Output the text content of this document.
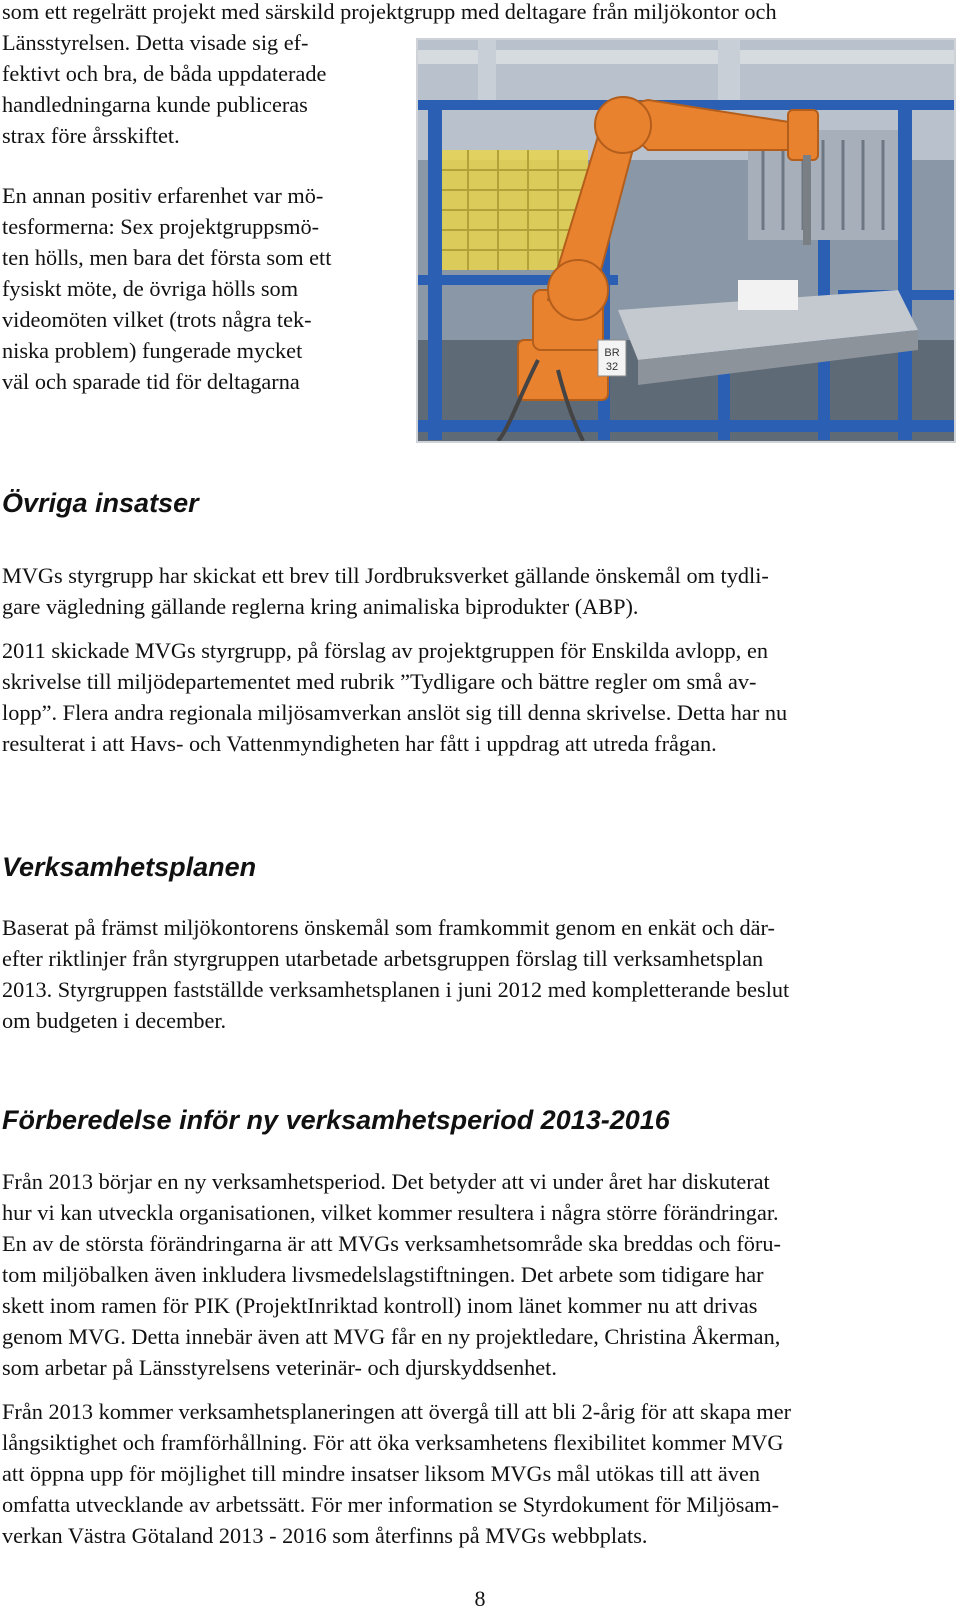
som ett regelrätt projekt med särskild projektgrupp med deltagare från miljökontor och
Länsstyrelsen. Detta visade sig ef-
fektivt och bra, de båda uppdaterade
handledningarna kunde publiceras
strax före årsskiftet.

En annan positiv erfarenhet var mö-
tesformerna: Sex projektgruppsmö-
ten hölls, men bara det första som ett
fysiskt möte, de övriga hölls som
videomöten vilket (trots några tek-
niska problem) fungerade mycket
väl och sparade tid för deltagarna

BR
32
Övriga insatser

MVGs styrgrupp har skickat ett brev till Jordbruksverket gällande önskemål om tydli-
gare vägledning gällande reglerna kring animaliska biprodukter (ABP).

2011 skickade MVGs styrgrupp, på förslag av projektgruppen för Enskilda avlopp, en
skrivelse till miljödepartementet med rubrik ”Tydligare och bättre regler om små av-
lopp”. Flera andra regionala miljösamverkan anslöt sig till denna skrivelse. Detta har nu
resulterat i att Havs- och Vattenmyndigheten har fått i uppdrag att utreda frågan.

Verksamhetsplanen

Baserat på främst miljökontorens önskemål som framkommit genom en enkät och där-
efter riktlinjer från styrgruppen utarbetade arbetsgruppen förslag till verksamhetsplan
2013. Styrgruppen fastställde verksamhetsplanen i juni 2012 med kompletterande beslut
om budgeten i december.

Förberedelse inför ny verksamhetsperiod 2013-2016

Från 2013 börjar en ny verksamhetsperiod. Det betyder att vi under året har diskuterat
hur vi kan utveckla organisationen, vilket kommer resultera i några större förändringar.
En av de största förändringarna är att MVGs verksamhetsområde ska breddas och föru-
tom miljöbalken även inkludera livsmedelslagstiftningen. Det arbete som tidigare har
skett inom ramen för PIK (ProjektInriktad kontroll) inom länet kommer nu att drivas
genom MVG. Detta innebär även att MVG får en ny projektledare, Christina Åkerman,
som arbetar på Länsstyrelsens veterinär- och djurskyddsenhet.

Från 2013 kommer verksamhetsplaneringen att övergå till att bli 2-årig för att skapa mer
långsiktighet och framförhållning. För att öka verksamhetens flexibilitet kommer MVG
att öppna upp för möjlighet till mindre insatser liksom MVGs mål utökas till att även
omfatta utvecklande av arbetssätt. För mer information se Styrdokument för Miljösam-
verkan Västra Götaland 2013 - 2016 som återfinns på MVGs webbplats.

8
